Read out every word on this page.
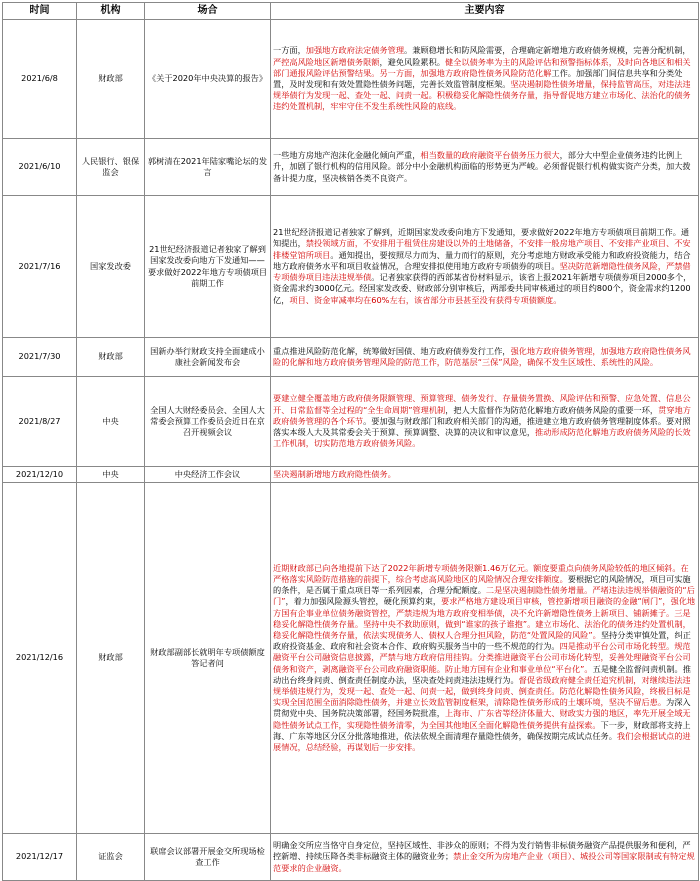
时间	机构	场合	主要内容
2021/6/8	财政部	《关于2020年中央决算的报告》	一方面，加强地方政府法定债务管理。兼顾稳增长和防风险需要，合理确定新增地方政府债务规模，完善分配机制，严控高风险地区新增债务限额，避免风险累积。健全以债务率为主的风险评估和预警指标体系，及时向各地区和相关部门通报风险评估预警结果。另一方面，加强地方政府隐性债务风险防范化解工作。加强部门间信息共享和分类处置，及时发现和有效处置隐性债务问题，完善长效监管制度框架。坚决遏制隐性债务增量，保持监管高压，对违法违规举债行为发现一起、查处一起、问责一起。积极稳妥化解隐性债务存量，指导督促地方建立市场化、法治化的债务违约处置机制，牢牢守住不发生系统性风险的底线。
2021/6/10	人民银行、银保监会	郭树清在2021年陆家嘴论坛的发言	一些地方房地产泡沫化金融化倾向严重，相当数量的政府融资平台债务压力很大，部分大中型企业债务违约比例上升，加剧了银行机构的信用风险。部分中小金融机构面临的形势更为严峻。必须督促银行机构做实资产分类，加大拨备计提力度，坚决核销各类不良资产。
2021/7/16	国家发改委	21世纪经济报道记者独家了解到国家发改委向地方下发通知——要求做好2022年地方专项债项目前期工作	21世纪经济报道记者独家了解到，近期国家发改委向地方下发通知，要求做好2022年地方专项债项目前期工作。通知提出，禁投领域方面，不安排用于租赁住房建设以外的土地储备，不安排一般房地产项目、不安排产业项目、不安排楼堂馆所项目。通知提出，要按照尽力而为、量力而行的原则，充分考虑地方财政承受能力和政府投资能力，结合地方政府债务水平和项目收益情况，合理安排拟使用地方政府专项债券的项目。坚决防范新增隐性债务风险，严禁借专项债券项目违法违规举债。记者独家获得的西部某省份材料显示，该省上报2021年新增专项债券项目2000多个，资金需求约3000亿元。经国家发改委、财政部分别审核后，两部委共同审核通过的项目约800个，资金需求约1200亿，项目、资金审减率均在60%左右，该省部分市县甚至没有获得专项债额度。
2021/7/30	财政部	国新办举行财政支持全面建成小康社会新闻发布会	重点推进风险防范化解，统筹做好国债、地方政府债券发行工作，强化地方政府债务管理，加强地方政府隐性债务风险的化解和地方政府债务管理风险的防范工作，防范基层“三保”风险，确保不发生区域性、系统性的风险。
2021/8/27	中央	全国人大财经委员会、全国人大常委会预算工作委员会近日在京召开视频会议	要建立健全覆盖地方政府债务限额管理、预算管理、债务发行、存量债务置换、风险评估和预警、应急处置、信息公开、日常监督等全过程的“全生命周期”管理机制，把人大监督作为防范化解地方政府债务风险的重要一环，贯穿地方政府债务管理的各个环节。要加强与财政部门和政府相关部门的沟通，推进建立地方政府债务管理制度体系。要对照落实本级人大及其常委会关于预算、预算调整、决算的决议和审议意见，推动形成防范化解地方政府债务风险的长效工作机制，切实防范地方政府债务风险。
2021/12/10	中央	中央经济工作会议	坚决遏制新增地方政府隐性债务。
2021/12/16	财政部	财政部副部长就明年专项债额度答记者问	近期财政部已向各地提前下达了2022年新增专项债务限额1.46万亿元。额度要重点向债务风险较低的地区倾斜。在严格落实风险防范措施的前提下，综合考虑高风险地区的风险情况合理安排额度。要根据它的风险情况，项目可实施的条件，是否属于重点项目等一系列因素，合理分配额度。二是坚决遏制隐性债务增量。严堵违法违规举债融资的“后门”，着力加强风险源头管控，硬化预算约束，要求严格地方建设项目审核，管控新增项目融资的金融“闸门”，强化地方国有企事业单位债务融资管控，严禁违规为地方政府变相举债，决不允许新增隐性债务上新项目、铺新摊子。三是稳妥化解隐性债务存量。坚持中央不救助原则，做到“谁家的孩子谁抱”。建立市场化、法治化的债务违约处置机制，稳妥化解隐性债务存量，依法实现债务人、债权人合理分担风险，防范“处置风险的风险”。坚持分类审慎处置，纠正政府投资基金、政府和社会资本合作、政府购买服务当中的一些不规范的行为。四是推动平台公司市场化转型。规范融资平台公司融资信息披露，严禁与地方政府信用挂钩。分类推进融资平台公司市场化转型，妥善处理融资平台公司债务和资产，剥离融资平台公司政府融资职能。防止地方国有企业和事业单位“平台化”。五是健全监督问责机制。推动出台终身问责、倒查责任制度办法，坚决查处问责违法违规行为。督促省级政府健全责任追究机制，对继续违法违规举债违规行为，发现一起、查处一起、问责一起，做到终身问责、倒查责任。防范化解隐性债务风险，终极目标是实现全国范围全面消除隐性债务，并建立长效监管制度框架，清除隐性债务形成的土壤环境，坚决不留后患。为深入贯彻党中央、国务院决策部署，经国务院批准，上海市、广东省等经济体量大、财政实力强的地区，率先开展全域无隐性债务试点工作，实现隐性债务清零，为全国其他地区全面化解隐性债务提供有益探索。下一步，财政部将支持上海、广东等地区分区分批落地推进，依法依规全面清理存量隐性债务，确保按期完成试点任务。我们会根据试点的进展情况，总结经验，再谋划后一步安排。
2021/12/17	证监会	联席会议部署开展金交所现场检查工作	明确金交所应当恪守自身定位，坚持区域性、非涉众的原则；不得为发行销售非标债务融资产品提供服务和便利，严控新增、持续压降各类非标融资主体的融资业务；禁止金交所为房地产企业（项目）、城投公司等国家限制或有特定规范要求的企业融资。
